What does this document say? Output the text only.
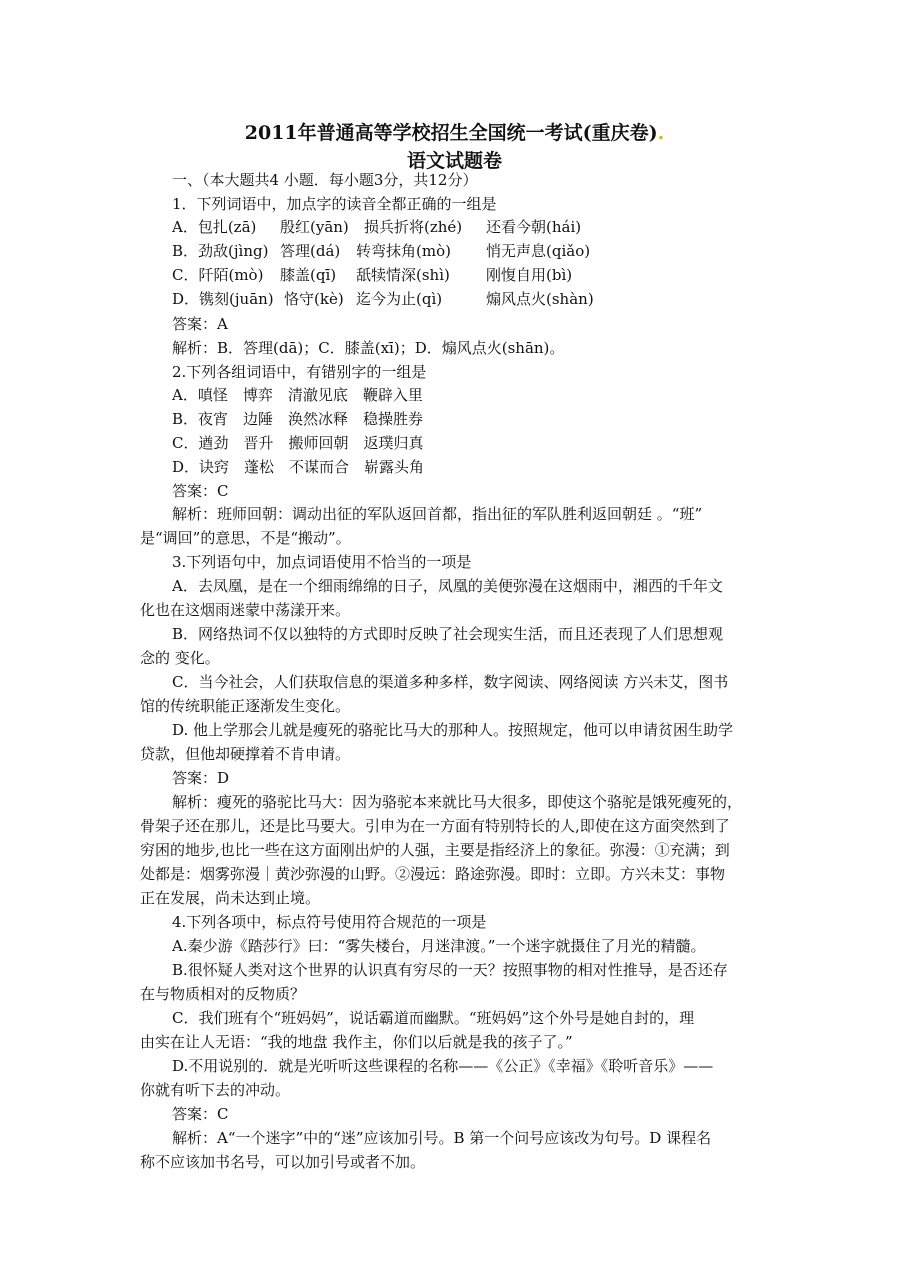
2011年普通高等学校招生全国统一考试(重庆卷).
语文试题卷
一、（本大题共4 小题．每小题3分，共12分）
1．下列词语中，加点字的读音全都正确的一组是
A．包扎(zā) 殷红(yān) 损兵折将(zhé) 还看今朝(hái)
B．劲敌(jìng) 答理(dá) 转弯抹角(mò) 悄无声息(qiǎo)
C．阡陌(mò) 膝盖(qī) 舐犊情深(shì) 刚愎自用(bì)
D．镌刻(juān) 恪守(kè) 迄今为止(qì)	煽风点火(shàn)
答案：A
解析：B．答理(dā)；C．膝盖(xī)；D．煽风点火(shān)。
2.下列各组词语中，有错别字的一组是
A．嗔怪　博弈　清澈见底　鞭辟入里
B．夜宵　边陲　涣然冰释　稳操胜券
C．遒劲　晋升　搬师回朝　返璞归真
D．诀窍　蓬松　不谋而合　崭露头角
答案：C
解析：班师回朝：调动出征的军队返回首都，指出征的军队胜利返回朝廷 。“班”
是“调回”的意思，不是“搬动”。
3.下列语句中，加点词语使用不恰当的一项是
A．去凤凰，是在一个细雨绵绵的日子，凤凰的美便弥漫在这烟雨中，湘西的千年文
化也在这烟雨迷蒙中荡漾开来。
B．网络热词不仅以独特的方式即时反映了社会现实生活，而且还表现了人们思想观
念的 变化。
C．当今社会，人们获取信息的渠道多种多样，数字阅读、网络阅读 方兴未艾，图书
馆的传统职能正逐渐发生变化。
D. 他上学那会儿就是瘦死的骆驼比马大的那种人。按照规定，他可以申请贫困生助学
贷款，但他却硬撑着不肯申请。
答案：D
解析：瘦死的骆驼比马大：因为骆驼本来就比马大很多，即使这个骆驼是饿死瘦死的，
骨架子还在那儿，还是比马要大。引申为在一方面有特别特长的人,即使在这方面突然到了
穷困的地步,也比一些在这方面刚出炉的人强，主要是指经济上的象征。弥漫：①充满；到
处都是：烟雾弥漫｜黄沙弥漫的山野。②漫远：路途弥漫。即时：立即。方兴未艾：事物
正在发展，尚未达到止境。
4.下列各项中，标点符号使用符合规范的一项是
A.秦少游《踏莎行》曰：“雾失楼台，月迷津渡。”一个迷字就摄住了月光的精髓。
B.很怀疑人类对这个世界的认识真有穷尽的一天？按照事物的相对性推导，是否还存
在与物质相对的反物质？
C．我们班有个“班妈妈”，说话霸道而幽默。“班妈妈”这个外号是她自封的，理
由实在让人无语：“我的地盘 我作主，你们以后就是我的孩子了。”
D.不用说别的．就是光听听这些课程的名称——《公正》《幸福》《聆听音乐》——
你就有听下去的冲动。
答案：C
解析：A“一个迷字”中的“迷”应该加引号。B 第一个问号应该改为句号。D 课程名
称不应该加书名号，可以加引号或者不加。
